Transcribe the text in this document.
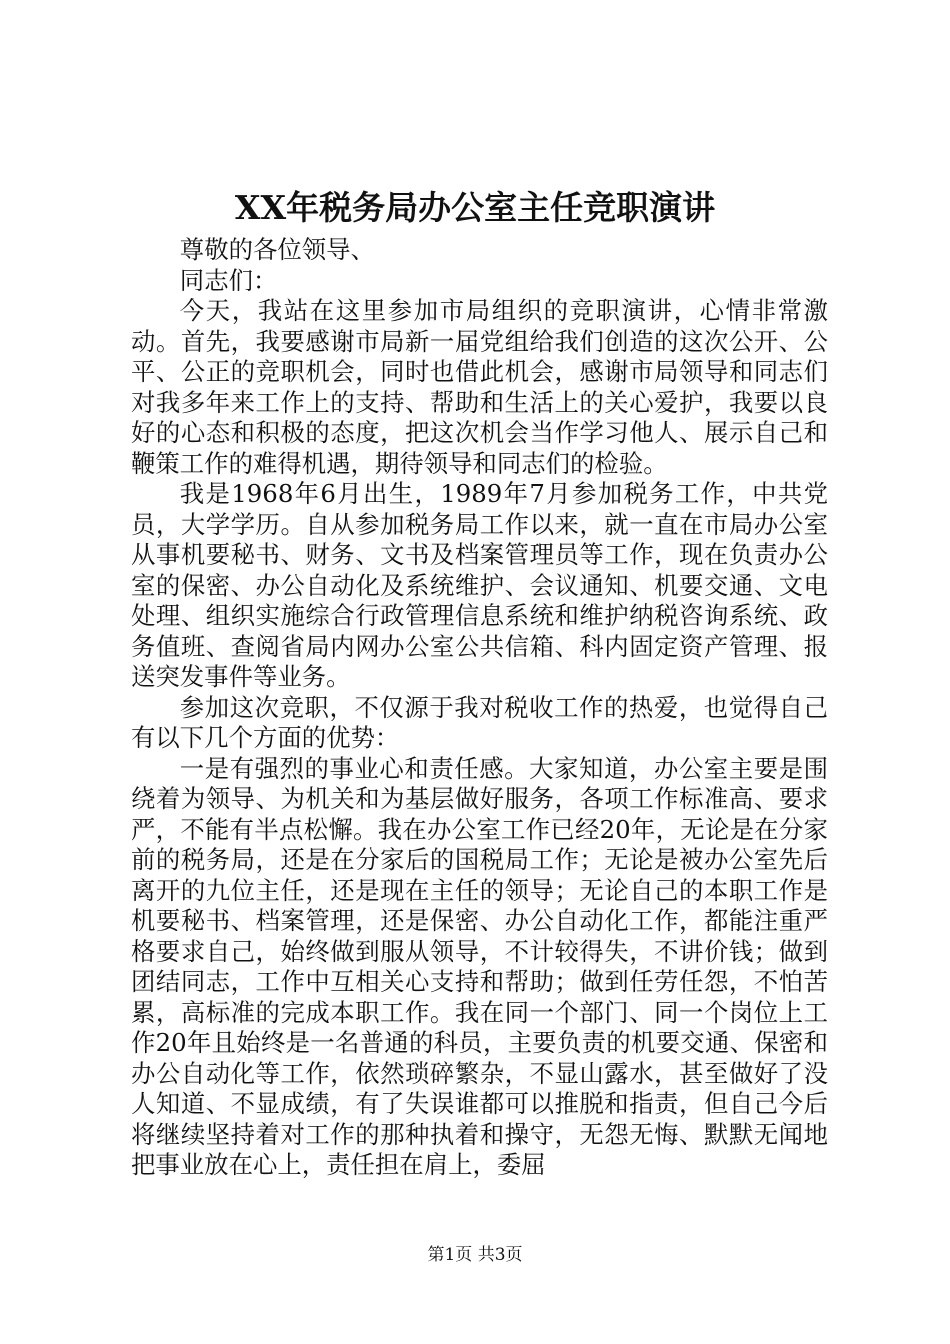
XX年税务局办公室主任竞职演讲

尊敬的各位领导、

同志们：

今天，我站在这里参加市局组织的竞职演讲，心情非常激动。首先，我要感谢市局新一届党组给我们创造的这次公开、公平、公正的竞职机会，同时也借此机会，感谢市局领导和同志们对我多年来工作上的支持、帮助和生活上的关心爱护，我要以良好的心态和积极的态度，把这次机会当作学习他人、展示自己和鞭策工作的难得机遇，期待领导和同志们的检验。

我是1968年6月出生，1989年7月参加税务工作，中共党员，大学学历。自从参加税务局工作以来，就一直在市局办公室从事机要秘书、财务、文书及档案管理员等工作，现在负责办公室的保密、办公自动化及系统维护、会议通知、机要交通、文电处理、组织实施综合行政管理信息系统和维护纳税咨询系统、政务值班、查阅省局内网办公室公共信箱、科内固定资产管理、报送突发事件等业务。

参加这次竞职，不仅源于我对税收工作的热爱，也觉得自己有以下几个方面的优势：

一是有强烈的事业心和责任感。大家知道，办公室主要是围绕着为领导、为机关和为基层做好服务，各项工作标准高、要求严，不能有半点松懈。我在办公室工作已经20年，无论是在分家前的税务局，还是在分家后的国税局工作；无论是被办公室先后离开的九位主任，还是现在主任的领导；无论自己的本职工作是机要秘书、档案管理，还是保密、办公自动化工作，都能注重严格要求自己，始终做到服从领导，不计较得失，不讲价钱；做到团结同志，工作中互相关心支持和帮助；做到任劳任怨，不怕苦累，高标准的完成本职工作。我在同一个部门、同一个岗位上工作20年且始终是一名普通的科员，主要负责的机要交通、保密和办公自动化等工作，依然琐碎繁杂，不显山露水，甚至做好了没人知道、不显成绩，有了失误谁都可以推脱和指责，但自己今后将继续坚持着对工作的那种执着和操守，无怨无悔、默默无闻地把事业放在心上，责任担在肩上，委屈

第1页 共3页
